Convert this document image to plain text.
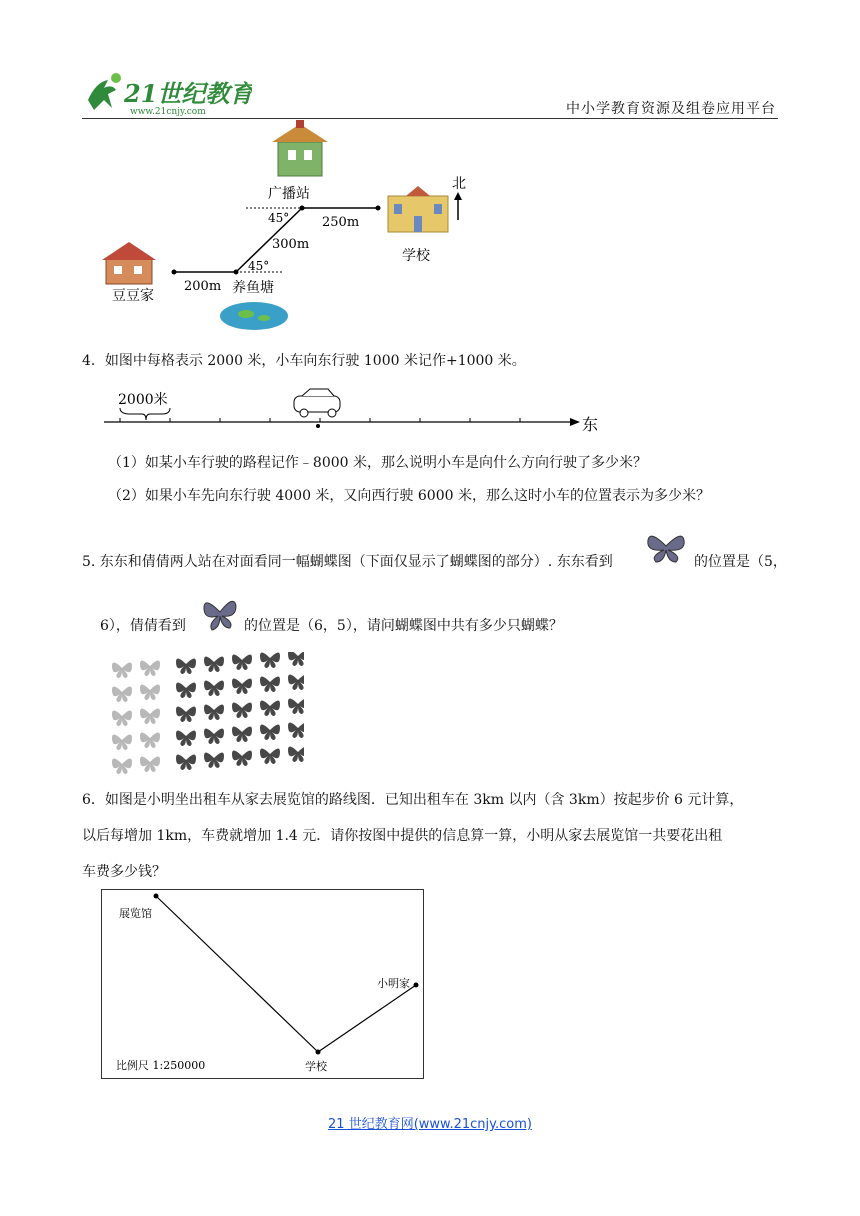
21世纪教育
www.21cnjy.com	中小学教育资源及组卷应用平台
广播站
学校
北
豆豆家	养鱼塘
200m
300m
250m
45°
45°
4．如图中每格表示 2000 米，小车向东行驶 1000 米记作+1000 米。
2000米
东
（1）如某小车行驶的路程记作﹣8000 米，那么说明小车是向什么方向行驶了多少米？
（2）如果小车先向东行驶 4000 米，又向西行驶 6000 米，那么这时小车的位置表示为多少米？
5. 东东和倩倩两人站在对面看同一幅蝴蝶图（下面仅显示了蝴蝶图的部分）. 东东看到	的位置是（5，
6），倩倩看到	的位置是（6，5），请问蝴蝶图中共有多少只蝴蝶？
6．如图是小明坐出租车从家去展览馆的路线图．已知出租车在 3km 以内（含 3km）按起步价 6 元计算，
以后每增加 1km，车费就增加 1.4 元．请你按图中提供的信息算一算，小明从家去展览馆一共要花出租
车费多少钱？
展览馆
小明家
学校
比例尺 1:250000
21 世纪教育网(www.21cnjy.com)
